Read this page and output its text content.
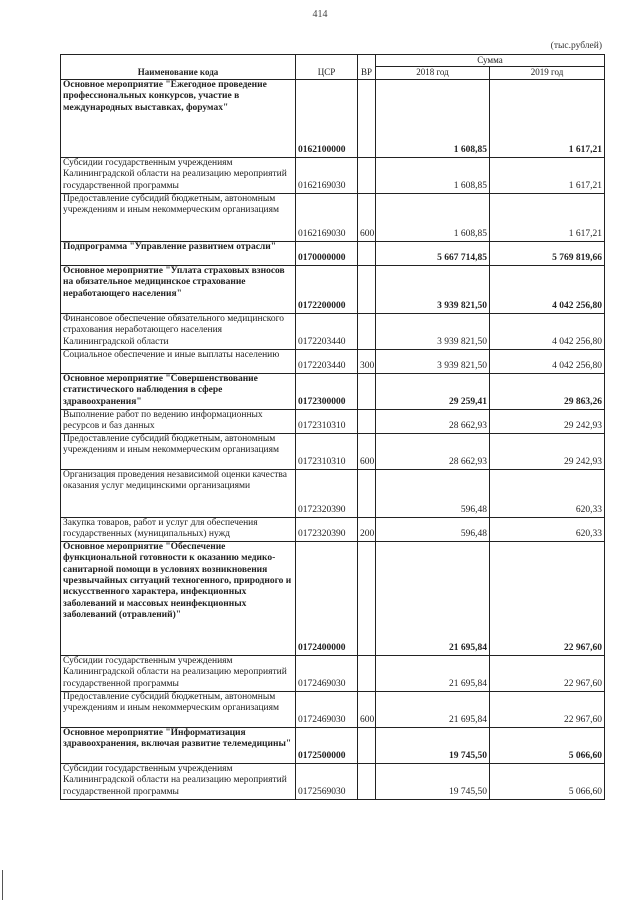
414
(тыс.рублей)
Наименование кода	ЦСР	ВР	Сумма	
			2018 год	2019 год
Основное мероприятие "Ежегодное проведение профессиональных конкурсов, участие в международных выставках, форумах"	0162100000		1 608,85	1 617,21
Субсидии государственным учреждениям Калининградской области на реализацию мероприятий государственной программы	0162169030		1 608,85	1 617,21
Предоставление субсидий бюджетным, автономным учреждениям и иным некоммерческим организациям	0162169030	600	1 608,85	1 617,21
Подпрограмма "Управление развитием отрасли"	0170000000		5 667 714,85	5 769 819,66
Основное мероприятие "Уплата страховых взносов на обязательное медицинское страхование неработающего населения"	0172200000		3 939 821,50	4 042 256,80
Финансовое обеспечение обязательного медицинского страхования неработающего населения Калининградской области	0172203440		3 939 821,50	4 042 256,80
Социальное обеспечение и иные выплаты населению	0172203440	300	3 939 821,50	4 042 256,80
Основное мероприятие "Совершенствование статистического наблюдения в сфере здравоохранения"	0172300000		29 259,41	29 863,26
Выполнение работ по ведению информационных ресурсов и баз данных	0172310310		28 662,93	29 242,93
Предоставление субсидий бюджетным, автономным учреждениям и иным некоммерческим организациям	0172310310	600	28 662,93	29 242,93
Организация проведения независимой оценки качества оказания услуг медицинскими организациями	0172320390		596,48	620,33
Закупка товаров, работ и услуг для обеспечения государственных (муниципальных) нужд	0172320390	200	596,48	620,33
Основное мероприятие "Обеспечение функциональной готовности к оказанию медико-санитарной помощи в условиях возникновения чрезвычайных ситуаций техногенного, природного и искусственного характера, инфекционных заболеваний и массовых неинфекционных заболеваний (отравлений)"	0172400000		21 695,84	22 967,60
Субсидии государственным учреждениям Калининградской области на реализацию мероприятий государственной программы	0172469030		21 695,84	22 967,60
Предоставление субсидий бюджетным, автономным учреждениям и иным некоммерческим организациям	0172469030	600	21 695,84	22 967,60
Основное мероприятие "Информатизация здравоохранения, включая развитие телемедицины"	0172500000		19 745,50	5 066,60
Субсидии государственным учреждениям Калининградской области на реализацию мероприятий государственной программы	0172569030		19 745,50	5 066,60
